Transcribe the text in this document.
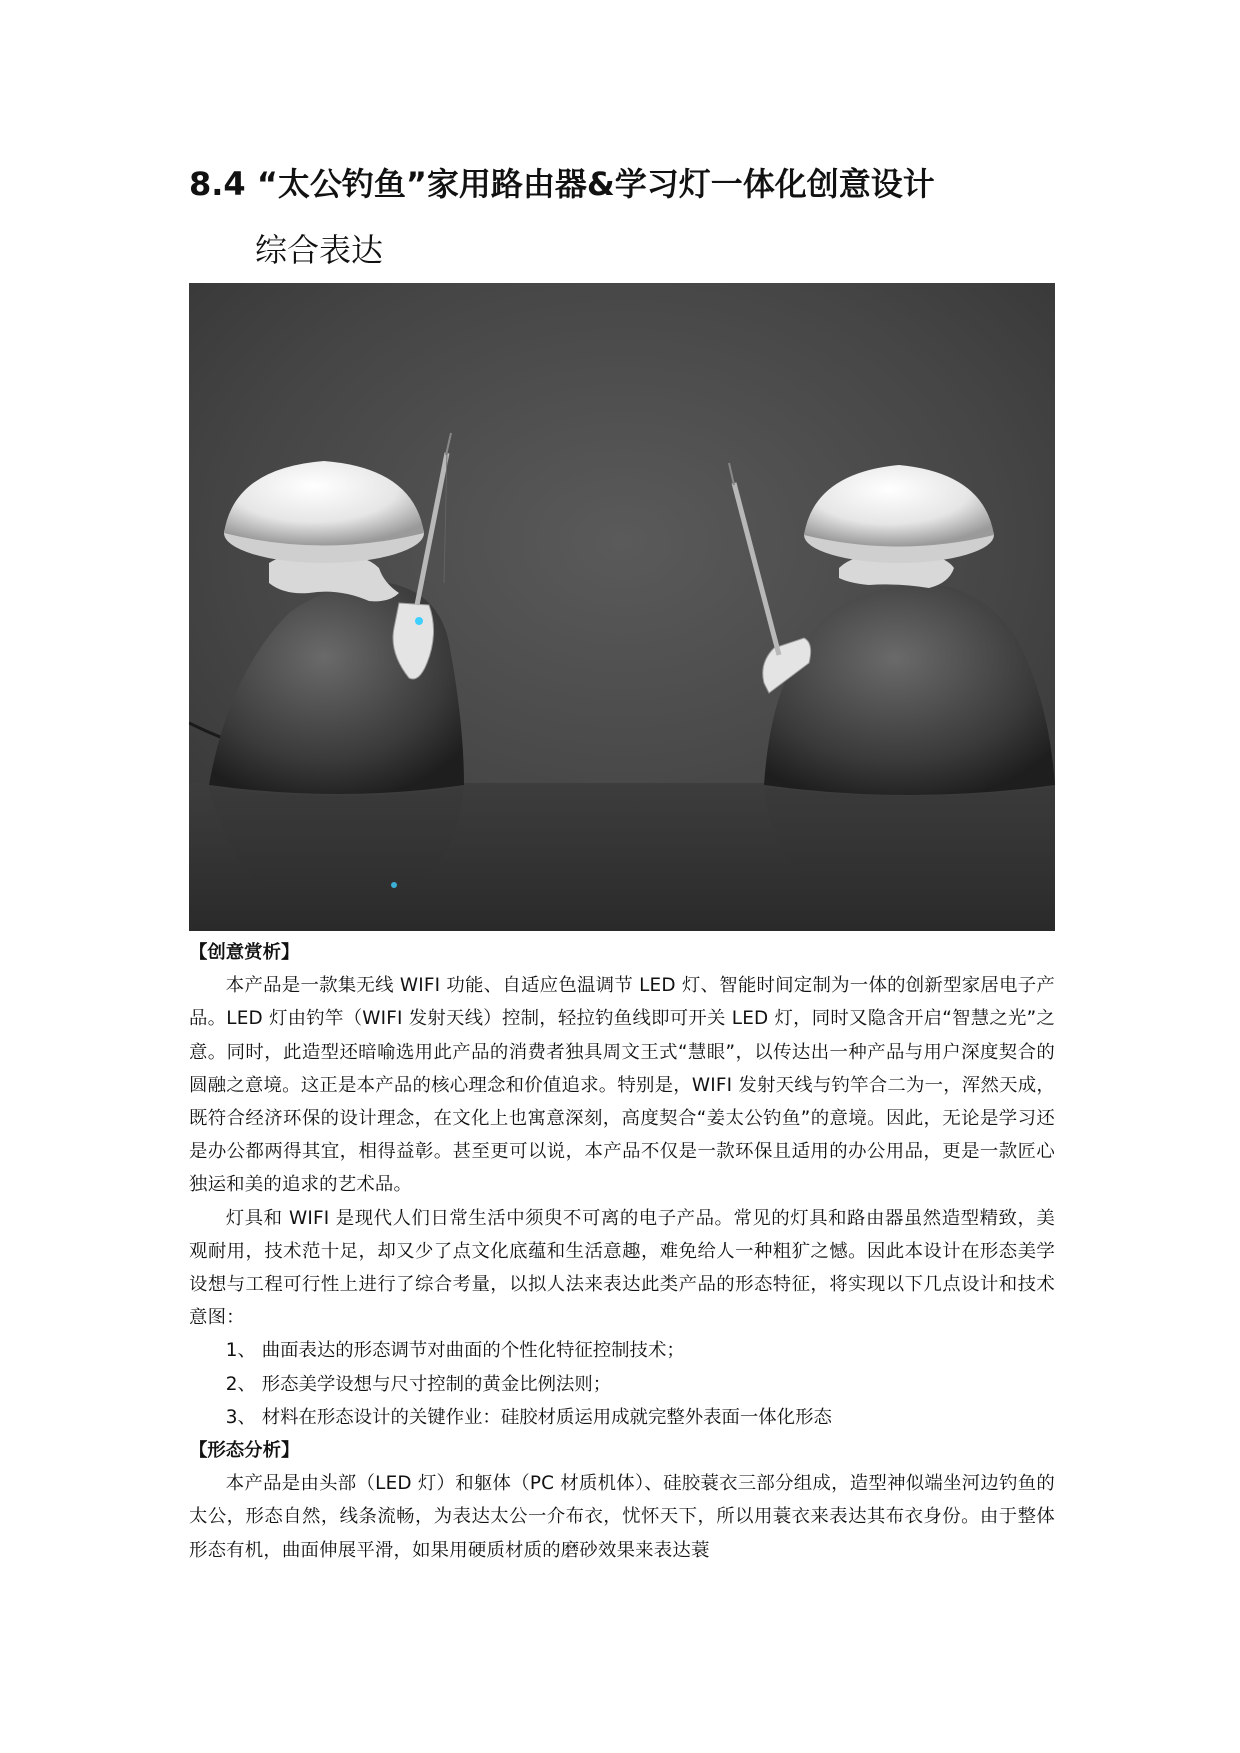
8.4 “太公钓鱼”家用路由器&学习灯一体化创意设计
综合表达

【创意赏析】

本产品是一款集无线 WIFI 功能、自适应色温调节 LED 灯、智能时间定制为一体的创新型家居电子产品。LED 灯由钓竿（WIFI 发射天线）控制，轻拉钓鱼线即可开关 LED 灯，同时又隐含开启“智慧之光”之意。同时，此造型还暗喻选用此产品的消费者独具周文王式“慧眼”，以传达出一种产品与用户深度契合的圆融之意境。这正是本产品的核心理念和价值追求。特别是，WIFI 发射天线与钓竿合二为一，浑然天成，既符合经济环保的设计理念，在文化上也寓意深刻，高度契合“姜太公钓鱼”的意境。因此，无论是学习还是办公都两得其宜，相得益彰。甚至更可以说，本产品不仅是一款环保且适用的办公用品，更是一款匠心独运和美的追求的艺术品。

灯具和 WIFI 是现代人们日常生活中须臾不可离的电子产品。常见的灯具和路由器虽然造型精致，美观耐用，技术范十足，却又少了点文化底蕴和生活意趣，难免给人一种粗犷之憾。因此本设计在形态美学设想与工程可行性上进行了综合考量，以拟人法来表达此类产品的形态特征，将实现以下几点设计和技术意图：

1、 曲面表达的形态调节对曲面的个性化特征控制技术；

2、 形态美学设想与尺寸控制的黄金比例法则；

3、 材料在形态设计的关键作业：硅胶材质运用成就完整外表面一体化形态

【形态分析】

本产品是由头部（LED 灯）和躯体（PC 材质机体）、硅胶蓑衣三部分组成，造型神似端坐河边钓鱼的太公，形态自然，线条流畅，为表达太公一介布衣，忧怀天下，所以用蓑衣来表达其布衣身份。由于整体形态有机，曲面伸展平滑，如果用硬质材质的磨砂效果来表达蓑
